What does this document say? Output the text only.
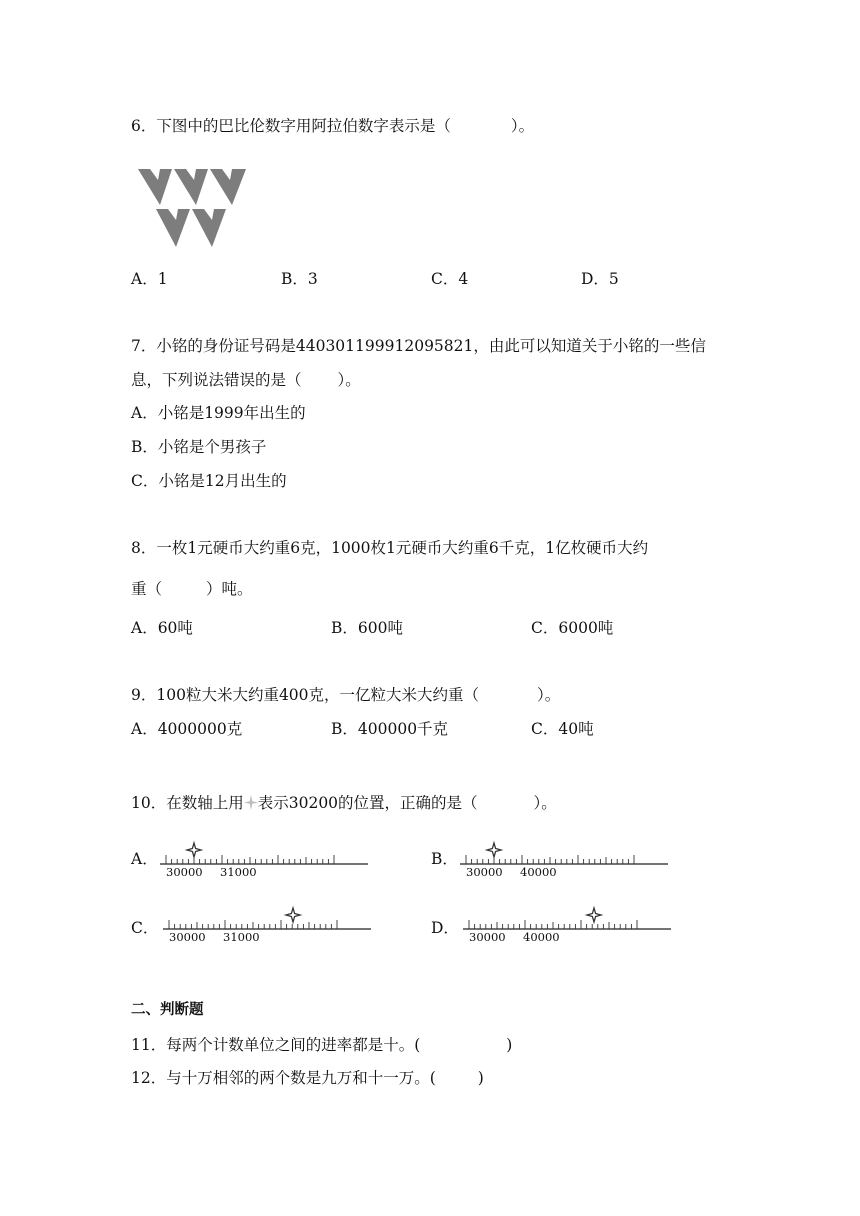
6．下图中的巴比伦数字用阿拉伯数字表示是（	）。
A．1	B．3	C．4	D．5
7．小铭的身份证号码是440301199912095821，由此可以知道关于小铭的一些信
息，下列说法错误的是（ ）。
A．小铭是1999年出生的
B．小铭是个男孩子
C．小铭是12月出生的
8．一枚1元硬币大约重6克，1000枚1元硬币大约重6千克，1亿枚硬币大约
重（	）吨。
A．60吨	B．600吨	C．6000吨
9．100粒大米大约重400克，一亿粒大米大约重（	）。
A．4000000克	B．400000千克	C．40吨
10．在数轴上用 表示30200的位置，正确的是（	）。
A．	B．
C．	D．
30000 31000	30000 40000
30000 31000	30000 40000
二、判断题
11．每两个计数单位之间的进率都是十。(	)
12．与十万相邻的两个数是九万和十一万。(	)
